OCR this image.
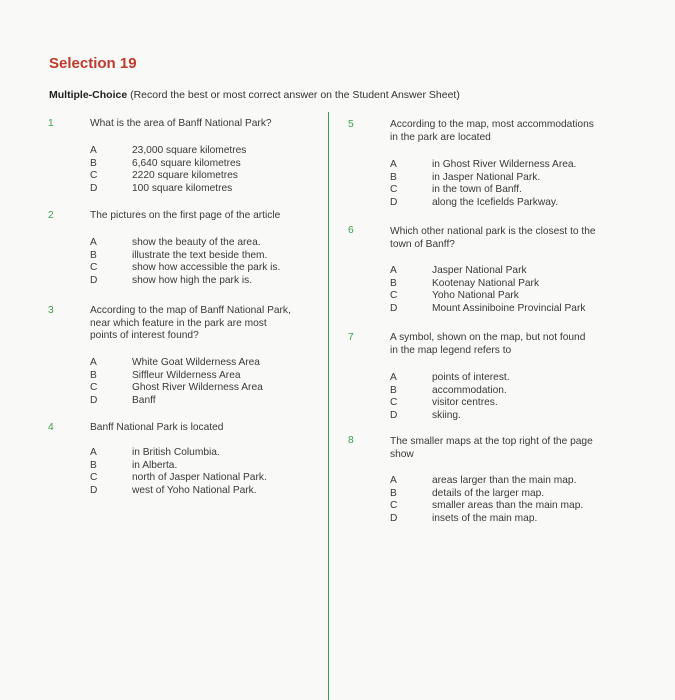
Selection 19
Multiple-Choice (Record the best or most correct answer on the Student Answer Sheet)
1	What is the area of Banff National Park?
A	23,000 square kilometres
B	6,640 square kilometres
C	2220 square kilometres
D	100 square kilometres
2	The pictures on the first page of the article
A	show the beauty of the area.
B	illustrate the text beside them.
C	show how accessible the park is.
D	show how high the park is.
3	According to the map of Banff National Park, near which feature in the park are most points of interest found?
A	White Goat Wilderness Area
B	Siffleur Wilderness Area
C	Ghost River Wilderness Area
D	Banff
4	Banff National Park is located
A	in British Columbia.
B	in Alberta.
C	north of Jasper National Park.
D	west of Yoho National Park.
5	According to the map, most accommodations in the park are located
A	in Ghost River Wilderness Area.
B	in Jasper National Park.
C	in the town of Banff.
D	along the Icefields Parkway.
6	Which other national park is the closest to the town of Banff?
A	Jasper National Park
B	Kootenay National Park
C	Yoho National Park
D	Mount Assiniboine Provincial Park
7	A symbol, shown on the map, but not found in the map legend refers to
A	points of interest.
B	accommodation.
C	visitor centres.
D	skiing.
8	The smaller maps at the top right of the page show
A	areas larger than the main map.
B	details of the larger map.
C	smaller areas than the main map.
D	insets of the main map.
